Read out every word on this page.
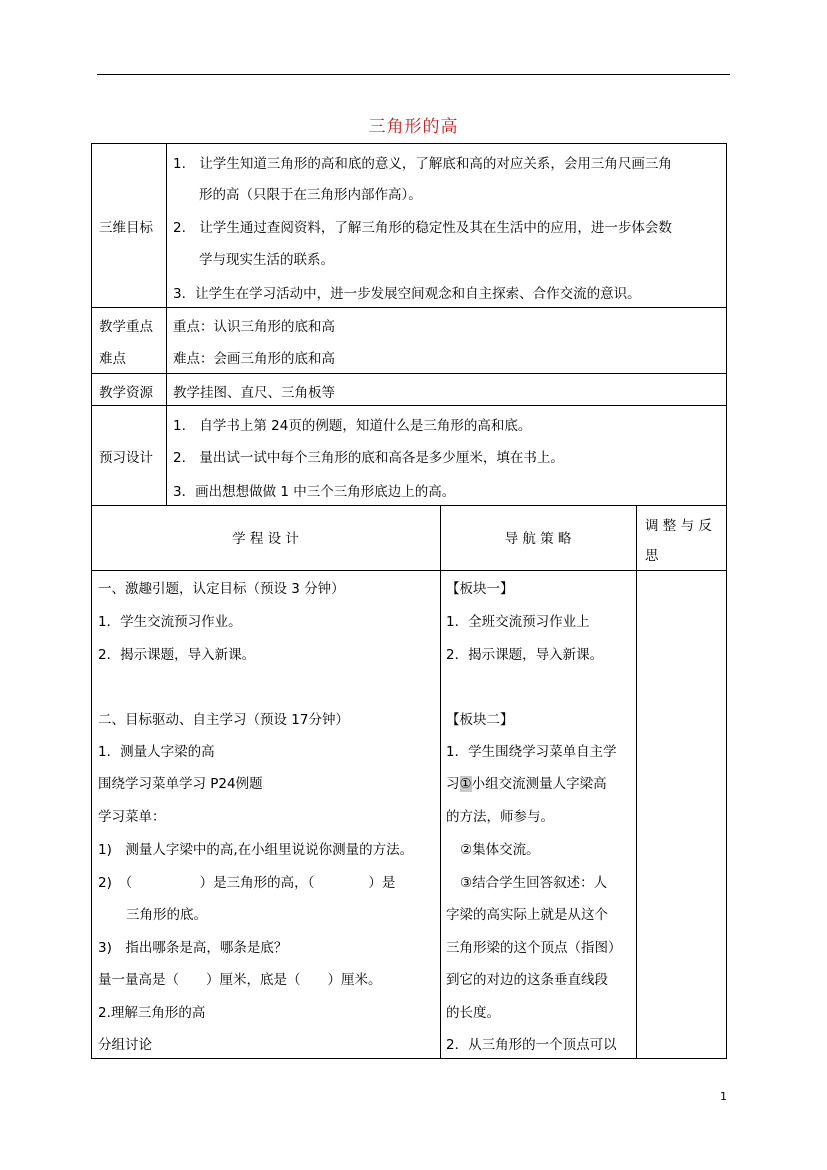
三角形的高
三维目标
1.　让学生知道三角形的高和底的意义，了解底和高的对应关系，会用三角尺画三角
形的高（只限于在三角形内部作高）。
2.　让学生通过查阅资料，了解三角形的稳定性及其在生活中的应用，进一步体会数
学与现实生活的联系。
3．让学生在学习活动中，进一步发展空间观念和自主探索、合作交流的意识。
教学重点
难点
重点：认识三角形的底和高
难点：会画三角形的底和高
教学资源 教学挂图、直尺、三角板等
预习设计
1.　自学书上第 24页的例题，知道什么是三角形的高和底。
2.　量出试一试中每个三角形的底和高各是多少厘米，填在书上。
3．画出想想做做 1 中三个三角形底边上的高。
学 程 设 计	导 航 策 略
调 整 与 反
思
一、激趣引题，认定目标（预设 3 分钟）
1．学生交流预习作业。
2．揭示课题，导入新课。
二、目标驱动、自主学习（预设 17分钟）
1．测量人字梁的高
围绕学习菜单学习 P24例题
学习菜单：
1)　测量人字梁中的高,在小组里说说你测量的方法。
2)　（　　　　　）是三角形的高，（　　　　）是
三角形的底。
3)　指出哪条是高，哪条是底？
量一量高是（　　）厘米，底是（　　）厘米。
2.理解三角形的高
分组讨论
【板块一】
1．全班交流预习作业上
2．揭示课题，导入新课。
【板块二】
1．学生围绕学习菜单自主学
习①小组交流测量人字梁高
的方法，师参与。
②集体交流。
③结合学生回答叙述：人
字梁的高实际上就是从这个
三角形梁的这个顶点（指图）
到它的对边的这条垂直线段
的长度。
2．从三角形的一个顶点可以
1
